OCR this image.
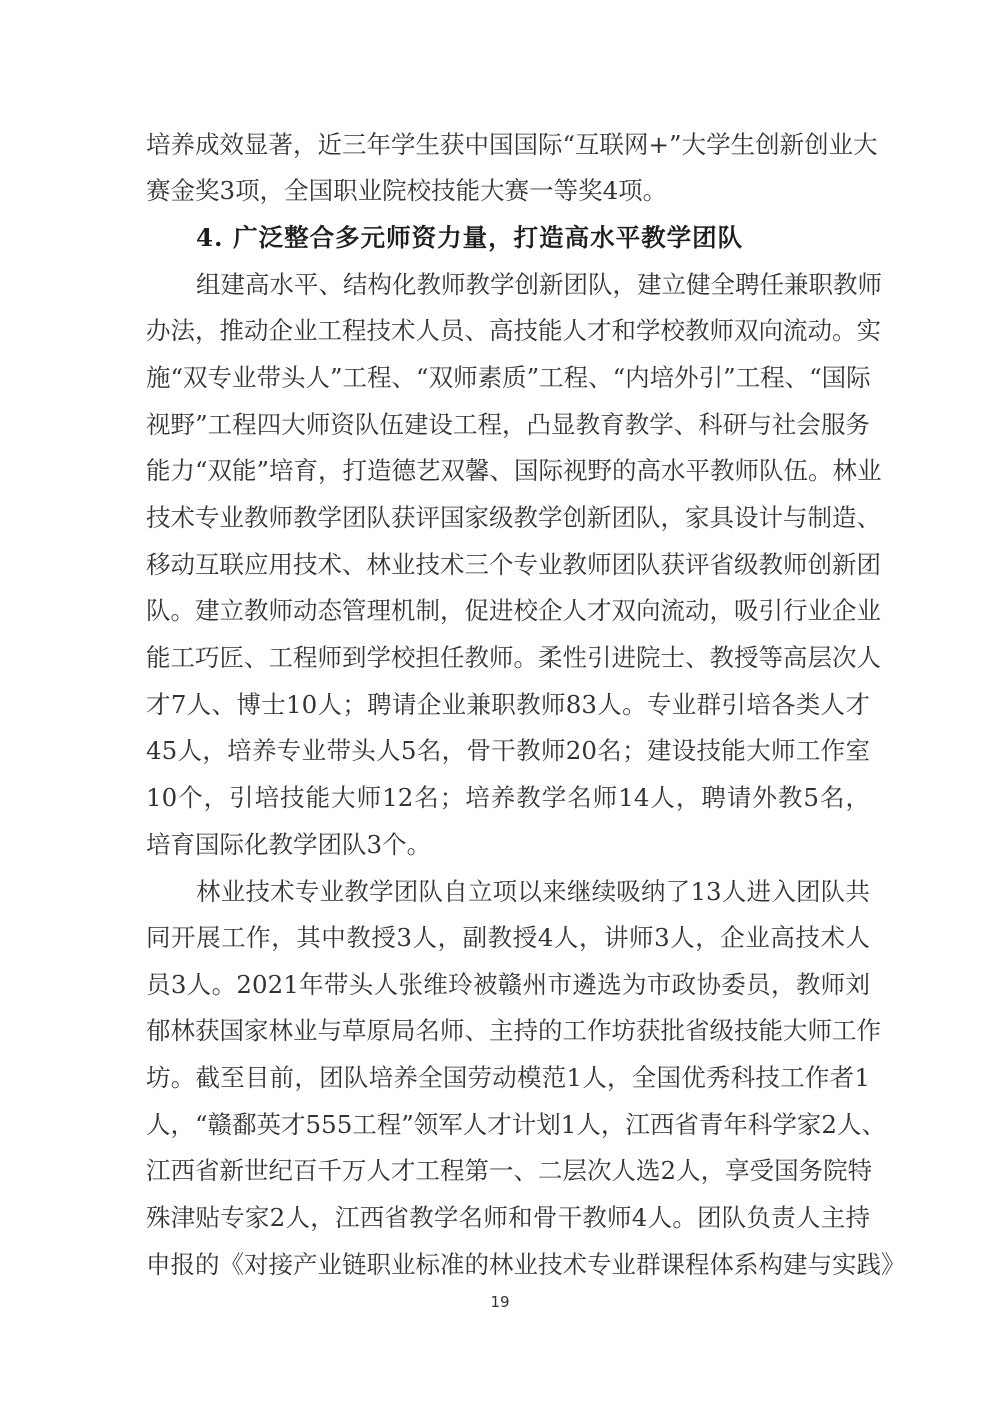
培养成效显著，近三年学生获中国国际“互联网+”大学生创新创业大
赛金奖3项，全国职业院校技能大赛一等奖4项。
4. 广泛整合多元师资力量，打造高水平教学团队
组建高水平、结构化教师教学创新团队，建立健全聘任兼职教师
办法，推动企业工程技术人员、高技能人才和学校教师双向流动。实
施“双专业带头人”工程、“双师素质”工程、“内培外引”工程、“国际
视野”工程四大师资队伍建设工程，凸显教育教学、科研与社会服务
能力“双能”培育，打造德艺双馨、国际视野的高水平教师队伍。林业
技术专业教师教学团队获评国家级教学创新团队，家具设计与制造、
移动互联应用技术、林业技术三个专业教师团队获评省级教师创新团
队。建立教师动态管理机制，促进校企人才双向流动，吸引行业企业
能工巧匠、工程师到学校担任教师。柔性引进院士、教授等高层次人
才7人、博士10人；聘请企业兼职教师83人。专业群引培各类人才
45人，培养专业带头人5名，骨干教师20名；建设技能大师工作室
10个，引培技能大师12名；培养教学名师14人，聘请外教5名，
培育国际化教学团队3个。
林业技术专业教学团队自立项以来继续吸纳了13人进入团队共
同开展工作，其中教授3人，副教授4人，讲师3人，企业高技术人
员3人。2021年带头人张维玲被赣州市遴选为市政协委员，教师刘
郁林获国家林业与草原局名师、主持的工作坊获批省级技能大师工作
坊。截至目前，团队培养全国劳动模范1人，全国优秀科技工作者1
人，“赣鄱英才555工程”领军人才计划1人，江西省青年科学家2人、
江西省新世纪百千万人才工程第一、二层次人选2人，享受国务院特
殊津贴专家2人，江西省教学名师和骨干教师4人。团队负责人主持
申报的《对接产业链职业标准的林业技术专业群课程体系构建与实践》
19
